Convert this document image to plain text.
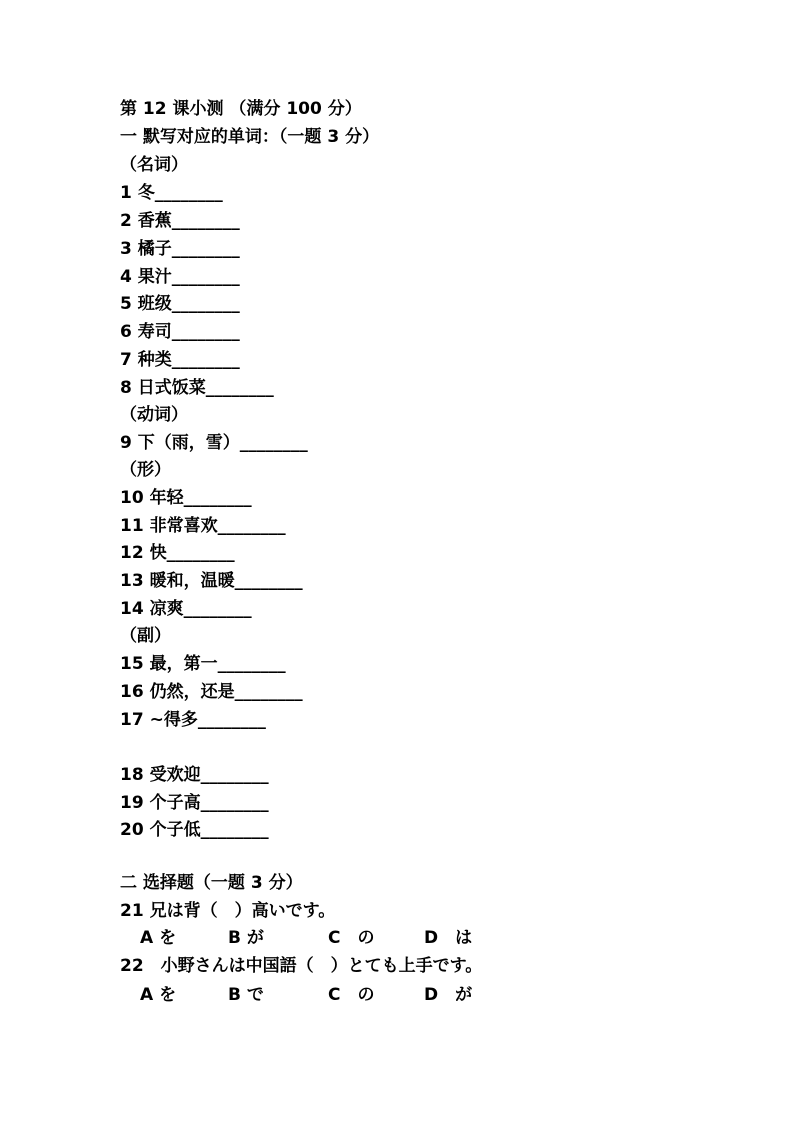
第 12 课小测 （满分 100 分）
一 默写对应的单词：（一题 3 分）
（名词）
1 冬________
2 香蕉________
3 橘子________
4 果汁________
5 班级________
6 寿司________
7 种类________
8 日式饭菜________
（动词）
9 下（雨，雪）________
（形）
10 年轻________
11 非常喜欢________
12 快________
13 暖和，温暖________
14 凉爽________
（副）
15 最，第一________
16 仍然，还是________
17 ~得多________
18 受欢迎________
19 个子高________
20 个子低________
二 选择题（一题 3 分）
21 兄は背（　）高いです。

A を

	B が

	C　の

	D　は

22　小野さんは中国語（　）とても上手です。

A を

	B で

	C　の

	D　が
